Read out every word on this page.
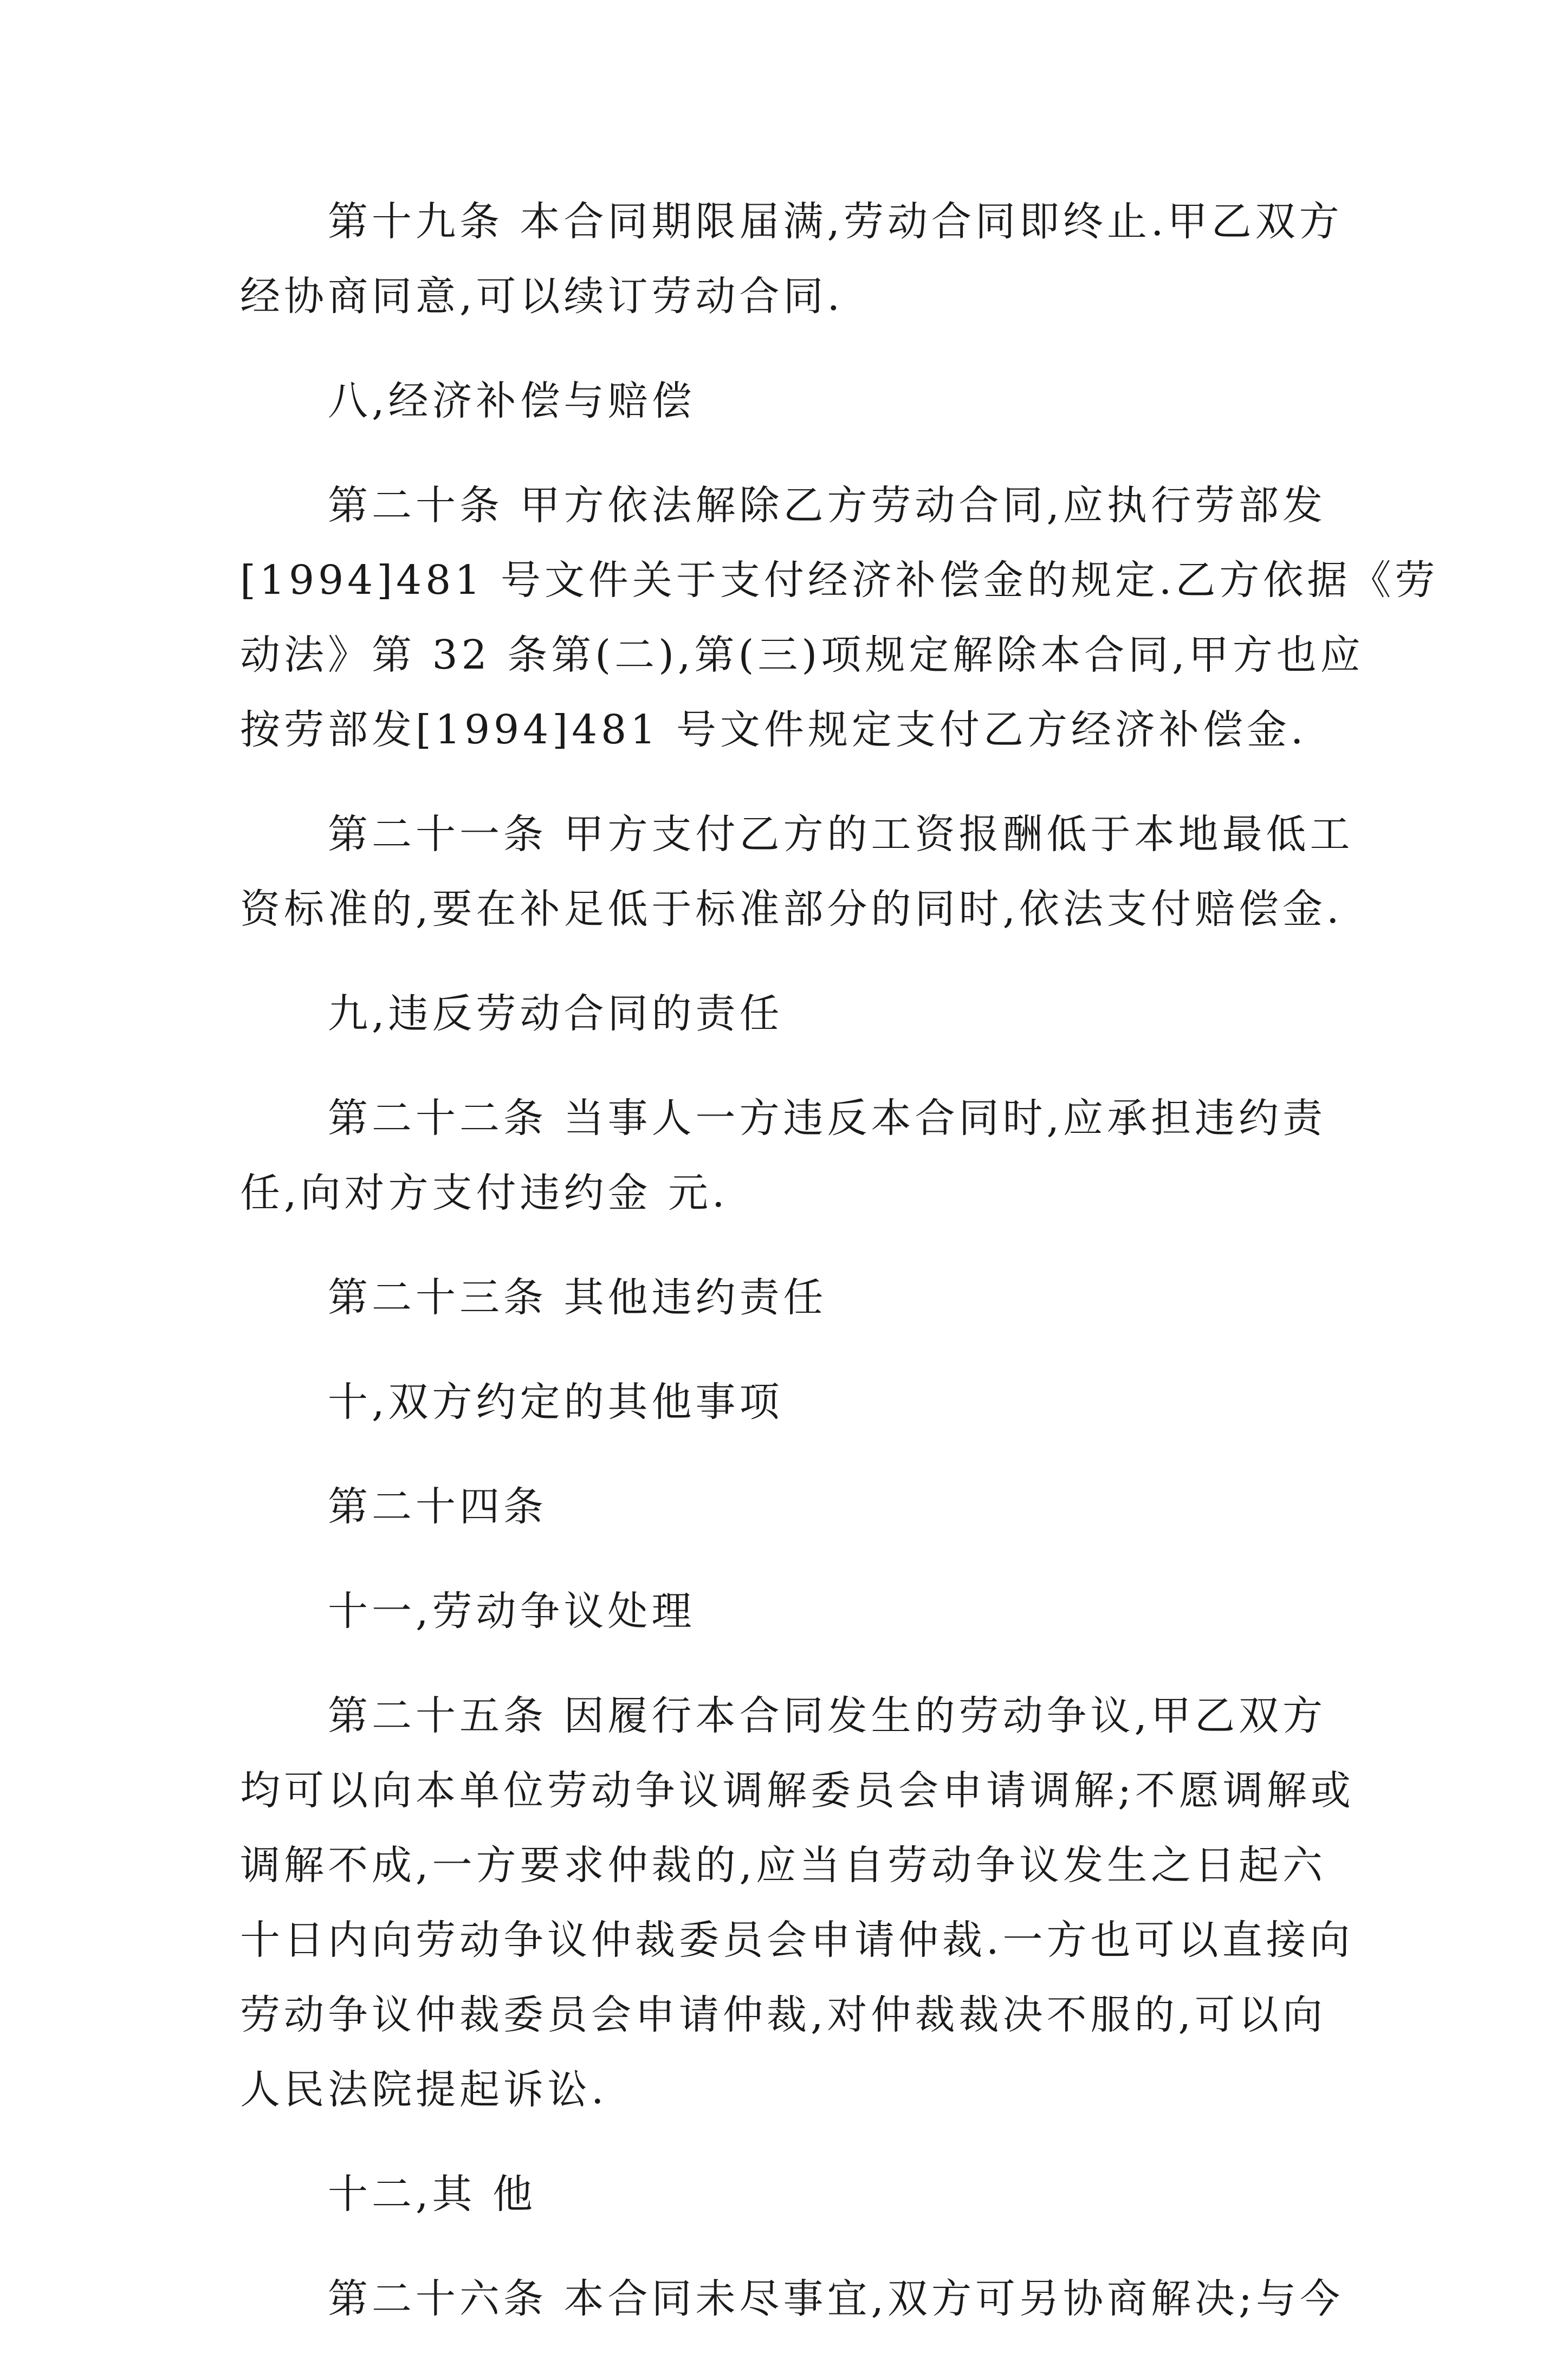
第十九条 本合同期限届满,劳动合同即终止.甲乙双方
经协商同意,可以续订劳动合同.

八,经济补偿与赔偿

第二十条 甲方依法解除乙方劳动合同,应执行劳部发
[1994]481 号文件关于支付经济补偿金的规定.乙方依据《劳
动法》第 32 条第(二),第(三)项规定解除本合同,甲方也应
按劳部发[1994]481 号文件规定支付乙方经济补偿金.

第二十一条 甲方支付乙方的工资报酬低于本地最低工
资标准的,要在补足低于标准部分的同时,依法支付赔偿金.

九,违反劳动合同的责任

第二十二条 当事人一方违反本合同时,应承担违约责
任,向对方支付违约金 元.

第二十三条 其他违约责任

十,双方约定的其他事项

第二十四条

十一,劳动争议处理

第二十五条 因履行本合同发生的劳动争议,甲乙双方
均可以向本单位劳动争议调解委员会申请调解;不愿调解或
调解不成,一方要求仲裁的,应当自劳动争议发生之日起六
十日内向劳动争议仲裁委员会申请仲裁.一方也可以直接向
劳动争议仲裁委员会申请仲裁,对仲裁裁决不服的,可以向
人民法院提起诉讼.

十二,其 他

第二十六条 本合同未尽事宜,双方可另协商解决;与今
